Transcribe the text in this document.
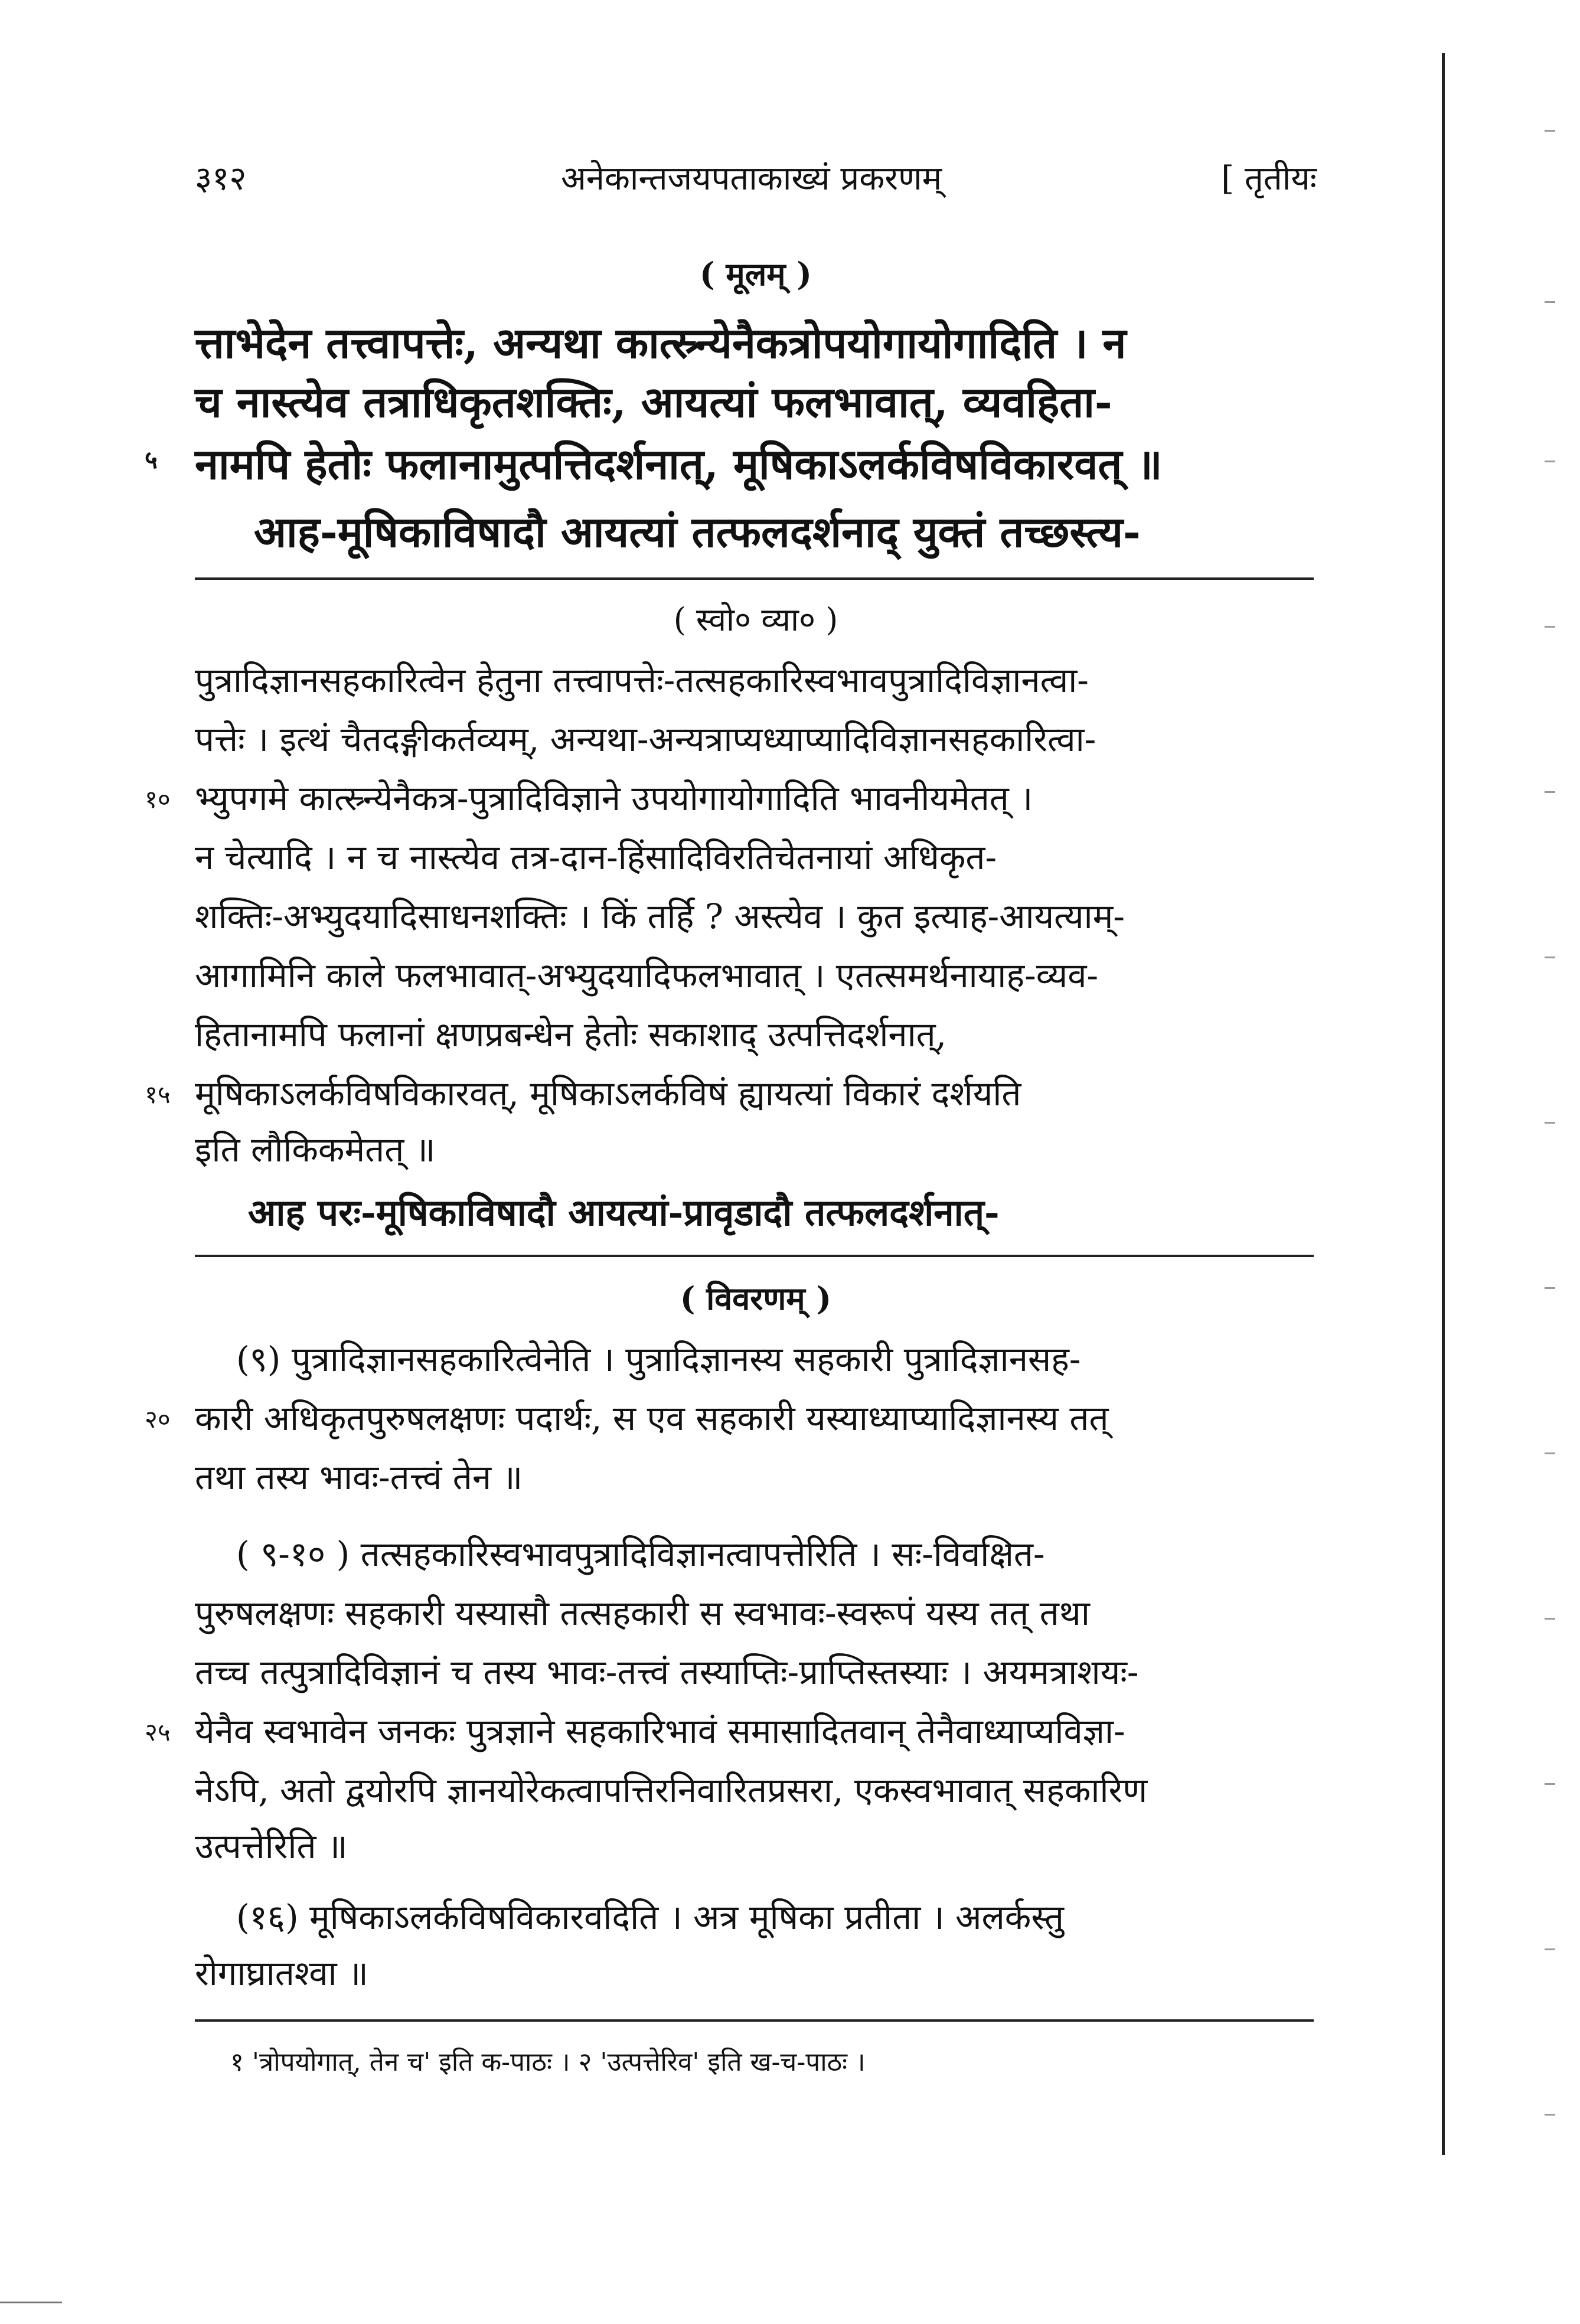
३१२	अनेकान्तजयपताकाख्यं प्रकरणम्	[ तृतीयः
( मूलम् )
त्ताभेदेन तत्त्वापत्तेः, अन्यथा कात्स्र्न्येनैकत्रोपयोगायोगादिति । न
च नास्त्येव तत्राधिकृतशक्तिः, आयत्यां फलभावात्, व्यवहिता-
५ नामपि हेतोः फलानामुत्पत्तिदर्शनात्, मूषिकाऽलर्कविषविकारवत् ॥
आह-मूषिकाविषादौ आयत्यां तत्फलदर्शनाद् युक्तं तच्छस्त्य-
( स्वो० व्या० )
पुत्रादिज्ञानसहकारित्वेन हेतुना तत्त्वापत्तेः-तत्सहकारिस्वभावपुत्रादिविज्ञानत्वा-
पत्तेः । इत्थं चैतदङ्गीकर्तव्यम्, अन्यथा-अन्यत्राप्यध्याप्यादिविज्ञानसहकारित्वा-
१० भ्युपगमे कात्स्र्न्येनैकत्र-पुत्रादिविज्ञाने उपयोगायोगादिति भावनीयमेतत् ।
न चेत्यादि । न च नास्त्येव तत्र-दान-हिंसादिविरतिचेतनायां अधिकृत-
शक्तिः-अभ्युदयादिसाधनशक्तिः । किं तर्हि ? अस्त्येव । कुत इत्याह-आयत्याम्-
आगामिनि काले फलभावात्-अभ्युदयादिफलभावात् । एतत्समर्थनायाह-व्यव-
हितानामपि फलानां क्षणप्रबन्धेन हेतोः सकाशाद् उत्पत्तिदर्शनात्,
१५ मूषिकाऽलर्कविषविकारवत्, मूषिकाऽलर्कविषं ह्यायत्यां विकारं दर्शयति
इति लौकिकमेतत् ॥
आह परः-मूषिकाविषादौ आयत्यां-प्रावृडादौ तत्फलदर्शनात्-
( विवरणम् )
(९) पुत्रादिज्ञानसहकारित्वेनेति । पुत्रादिज्ञानस्य सहकारी पुत्रादिज्ञानसह-
२० कारी अधिकृतपुरुषलक्षणः पदार्थः, स एव सहकारी यस्याध्याप्यादिज्ञानस्य तत्
तथा तस्य भावः-तत्त्वं तेन ॥
( ९-१० ) तत्सहकारिस्वभावपुत्रादिविज्ञानत्वापत्तेरिति । सः-विवक्षित-
पुरुषलक्षणः सहकारी यस्यासौ तत्सहकारी स स्वभावः-स्वरूपं यस्य तत् तथा
तच्च तत्पुत्रादिविज्ञानं च तस्य भावः-तत्त्वं तस्याप्तिः-प्राप्तिस्तस्याः । अयमत्राशयः-
२५ येनैव स्वभावेन जनकः पुत्रज्ञाने सहकारिभावं समासादितवान् तेनैवाध्याप्यविज्ञा-
नेऽपि, अतो द्वयोरपि ज्ञानयोरेकत्वापत्तिरनिवारितप्रसरा, एकस्वभावात् सहकारिण
उत्पत्तेरिति ॥
(१६) मूषिकाऽलर्कविषविकारवदिति । अत्र मूषिका प्रतीता । अलर्कस्तु
रोगाघ्रातश्वा ॥
१ 'त्रोपयोगात्, तेन च' इति क-पाठः । २ 'उत्पत्तेरिव' इति ख-च-पाठः ।
